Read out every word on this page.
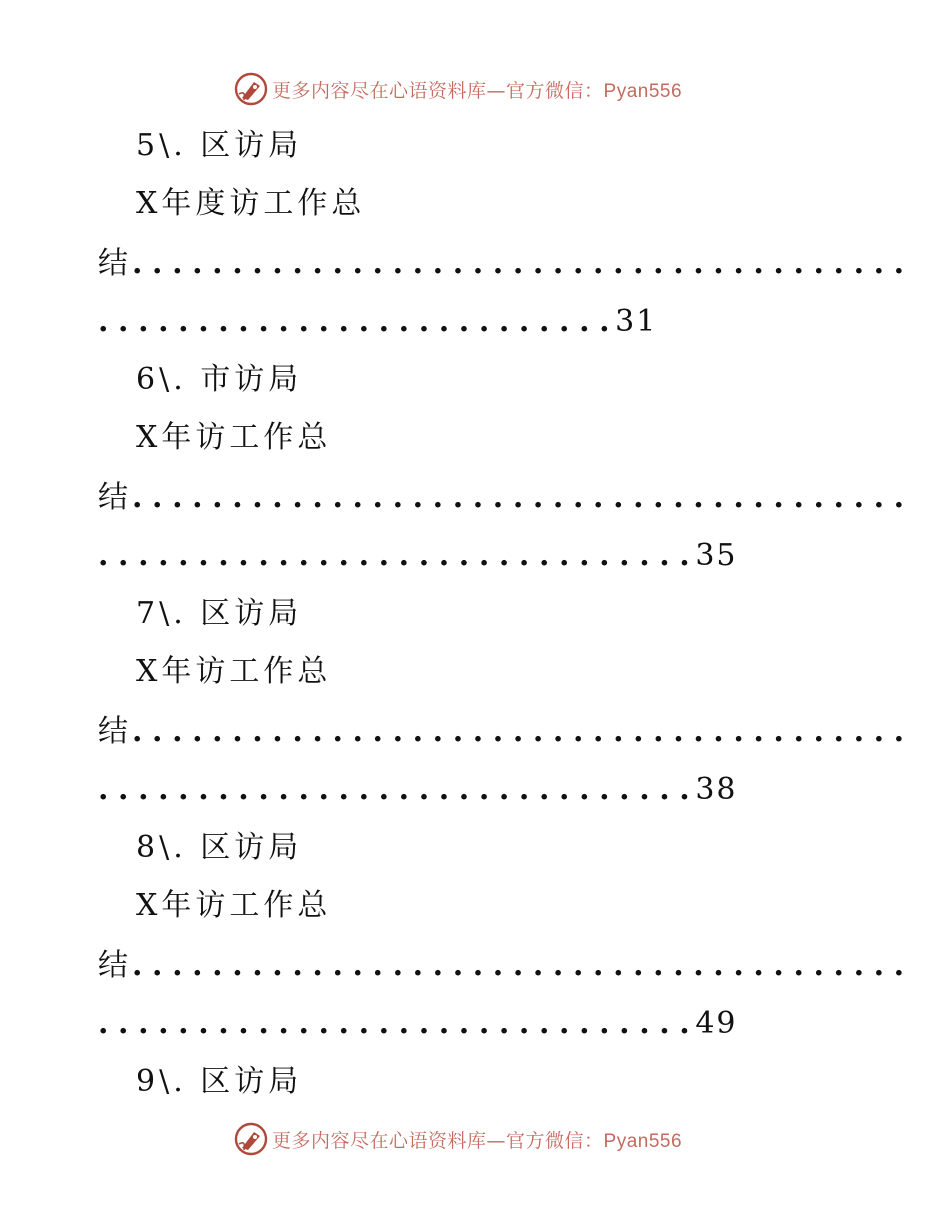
更多内容尽在心语资料库—官方微信：Pyan556
5\. 区访局
X年度访工作总
结 .......................................
..........................
31
6\. 市访局
X年访工作总
结 .......................................
..............................
35
7\. 区访局
X年访工作总
结 .......................................
..............................
38
8\. 区访局
X年访工作总
结 .......................................
..............................
49
9\. 区访局
更多内容尽在心语资料库—官方微信：Pyan556
